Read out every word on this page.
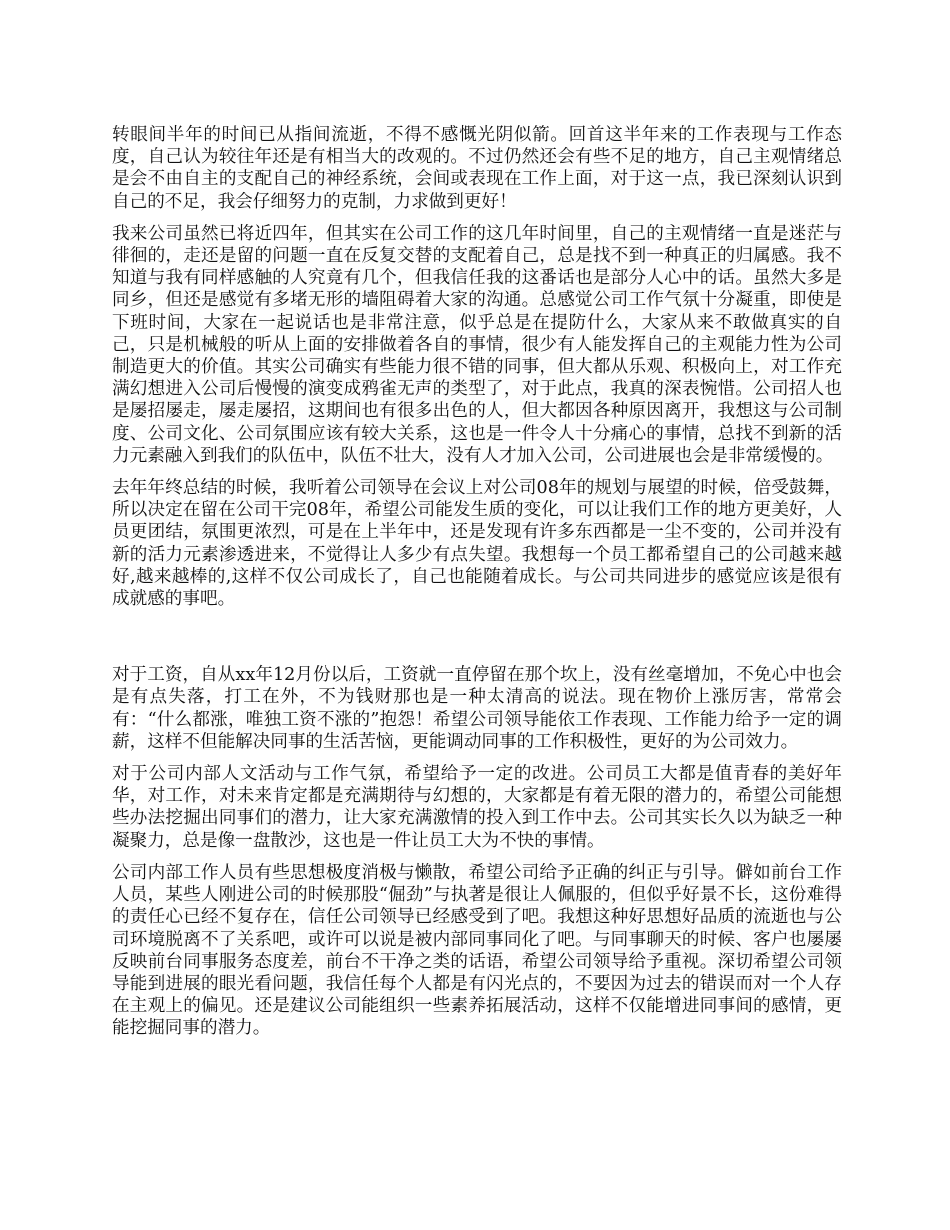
转眼间半年的时间已从指间流逝，不得不感慨光阴似箭。回首这半年来的工作表现与工作态度，自己认为较往年还是有相当大的改观的。不过仍然还会有些不足的地方，自己主观情绪总是会不由自主的支配自己的神经系统，会间或表现在工作上面，对于这一点，我已深刻认识到自己的不足，我会仔细努力的克制，力求做到更好！

我来公司虽然已将近四年，但其实在公司工作的这几年时间里，自己的主观情绪一直是迷茫与徘徊的，走还是留的问题一直在反复交替的支配着自己，总是找不到一种真正的归属感。我不知道与我有同样感触的人究竟有几个，但我信任我的这番话也是部分人心中的话。虽然大多是同乡，但还是感觉有多堵无形的墙阻碍着大家的沟通。总感觉公司工作气氛十分凝重，即使是下班时间，大家在一起说话也是非常注意，似乎总是在提防什么，大家从来不敢做真实的自己，只是机械般的听从上面的安排做着各自的事情，很少有人能发挥自己的主观能力性为公司制造更大的价值。其实公司确实有些能力很不错的同事，但大都从乐观、积极向上，对工作充满幻想进入公司后慢慢的演变成鸦雀无声的类型了，对于此点，我真的深表惋惜。公司招人也是屡招屡走，屡走屡招，这期间也有很多出色的人，但大都因各种原因离开，我想这与公司制度、公司文化、公司氛围应该有较大关系，这也是一件令人十分痛心的事情，总找不到新的活力元素融入到我们的队伍中，队伍不壮大，没有人才加入公司，公司进展也会是非常缓慢的。

去年年终总结的时候，我听着公司领导在会议上对公司08年的规划与展望的时候，倍受鼓舞，所以决定在留在公司干完08年，希望公司能发生质的变化，可以让我们工作的地方更美好，人员更团结，氛围更浓烈，可是在上半年中，还是发现有许多东西都是一尘不变的，公司并没有新的活力元素渗透进来，不觉得让人多少有点失望。我想每一个员工都希望自己的公司越来越好,越来越棒的,这样不仅公司成长了，自己也能随着成长。与公司共同进步的感觉应该是很有成就感的事吧。

对于工资，自从xx年12月份以后，工资就一直停留在那个坎上，没有丝毫增加，不免心中也会是有点失落，打工在外，不为钱财那也是一种太清高的说法。现在物价上涨厉害，常常会有：“什么都涨，唯独工资不涨的”抱怨！希望公司领导能依工作表现、工作能力给予一定的调薪，这样不但能解决同事的生活苦恼，更能调动同事的工作积极性，更好的为公司效力。

对于公司内部人文活动与工作气氛，希望给予一定的改进。公司员工大都是值青春的美好年华，对工作，对未来肯定都是充满期待与幻想的，大家都是有着无限的潜力的，希望公司能想些办法挖掘出同事们的潜力，让大家充满激情的投入到工作中去。公司其实长久以为缺乏一种凝聚力，总是像一盘散沙，这也是一件让员工大为不快的事情。

公司内部工作人员有些思想极度消极与懒散，希望公司给予正确的纠正与引导。僻如前台工作人员，某些人刚进公司的时候那股“倔劲”与执著是很让人佩服的，但似乎好景不长，这份难得的责任心已经不复存在，信任公司领导已经感受到了吧。我想这种好思想好品质的流逝也与公司环境脱离不了关系吧，或许可以说是被内部同事同化了吧。与同事聊天的时候、客户也屡屡反映前台同事服务态度差，前台不干净之类的话语，希望公司领导给予重视。深切希望公司领导能到进展的眼光看问题，我信任每个人都是有闪光点的，不要因为过去的错误而对一个人存在主观上的偏见。还是建议公司能组织一些素养拓展活动，这样不仅能增进同事间的感情，更能挖掘同事的潜力。
